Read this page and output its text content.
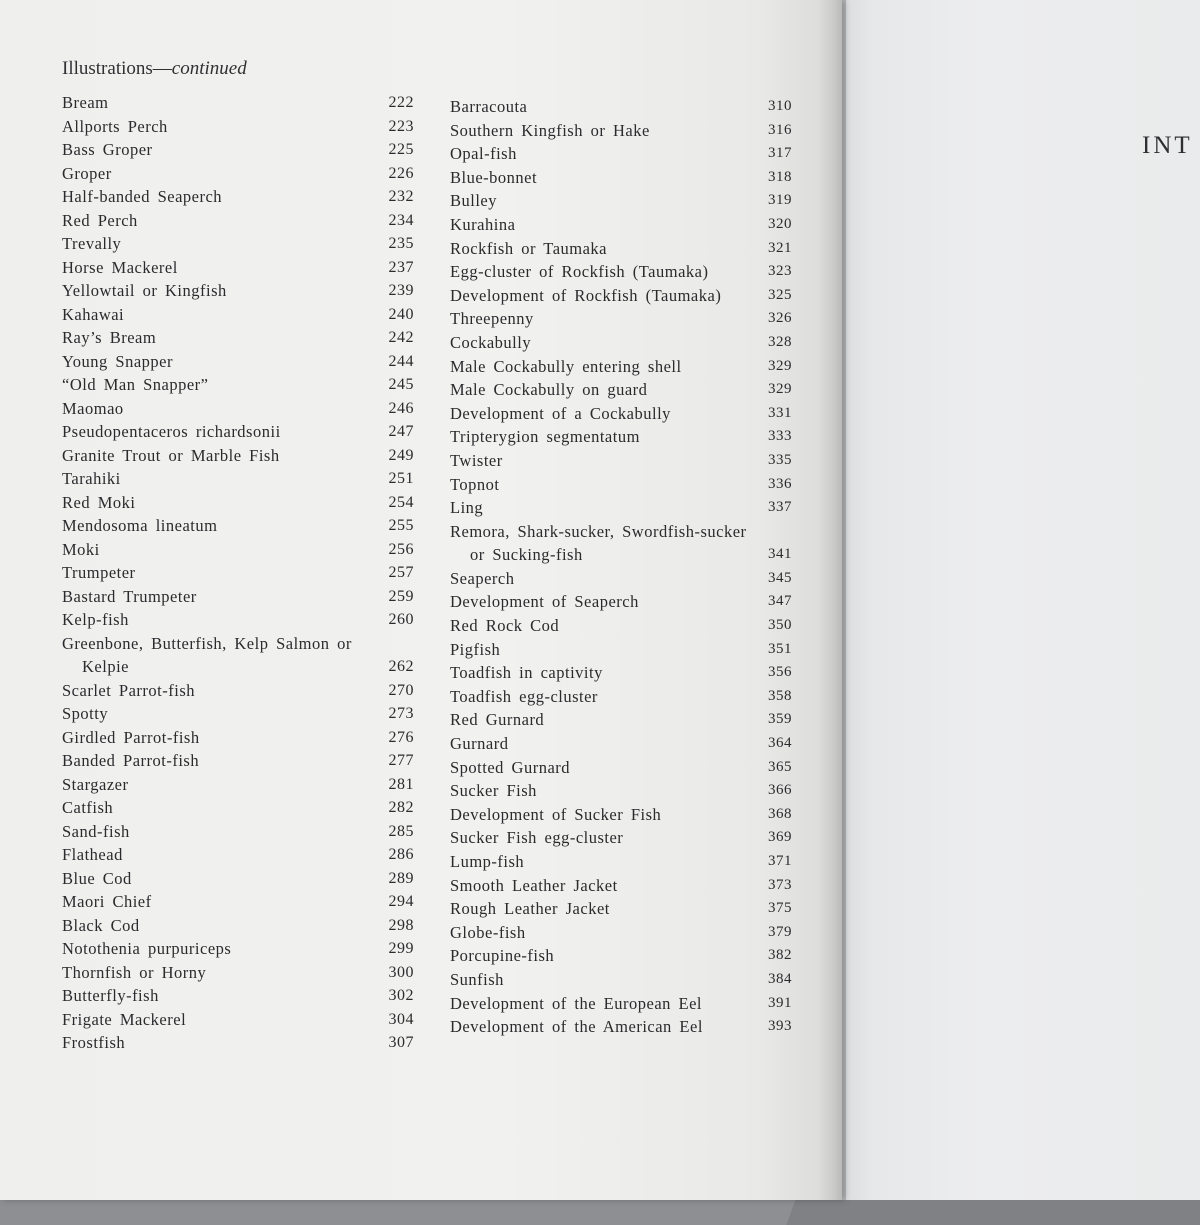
INT
Illustrations—continued
Bream	222
Allports Perch	223
Bass Groper	225
Groper	226
Half-banded Seaperch	232
Red Perch	234
Trevally	235
Horse Mackerel	237
Yellowtail or Kingfish	239
Kahawai	240
Ray’s Bream	242
Young Snapper	244
“Old Man Snapper”	245
Maomao	246
Pseudopentaceros richardsonii	247
Granite Trout or Marble Fish	249
Tarahiki	251
Red Moki	254
Mendosoma lineatum	255
Moki	256
Trumpeter	257
Bastard Trumpeter	259
Kelp-fish	260
Greenbone, Butterfish, Kelp Salmon or
Kelpie	262
Scarlet Parrot-fish	270
Spotty	273
Girdled Parrot-fish	276
Banded Parrot-fish	277
Stargazer	281
Catfish	282
Sand-fish	285
Flathead	286
Blue Cod	289
Maori Chief	294
Black Cod	298
Notothenia purpuriceps	299
Thornfish or Horny	300
Butterfly-fish	302
Frigate Mackerel	304
Frostfish	307
Barracouta	310
Southern Kingfish or Hake	316
Opal-fish	317
Blue-bonnet	318
Bulley	319
Kurahina	320
Rockfish or Taumaka	321
Egg-cluster of Rockfish (Taumaka)	323
Development of Rockfish (Taumaka)	325
Threepenny	326
Cockabully	328
Male Cockabully entering shell	329
Male Cockabully on guard	329
Development of a Cockabully	331
Tripterygion segmentatum	333
Twister	335
Topnot	336
Ling	337
Remora, Shark-sucker, Swordfish-sucker
or Sucking-fish	341
Seaperch	345
Development of Seaperch	347
Red Rock Cod	350
Pigfish	351
Toadfish in captivity	356
Toadfish egg-cluster	358
Red Gurnard	359
Gurnard	364
Spotted Gurnard	365
Sucker Fish	366
Development of Sucker Fish	368
Sucker Fish egg-cluster	369
Lump-fish	371
Smooth Leather Jacket	373
Rough Leather Jacket	375
Globe-fish	379
Porcupine-fish	382
Sunfish	384
Development of the European Eel	391
Development of the American Eel	393
